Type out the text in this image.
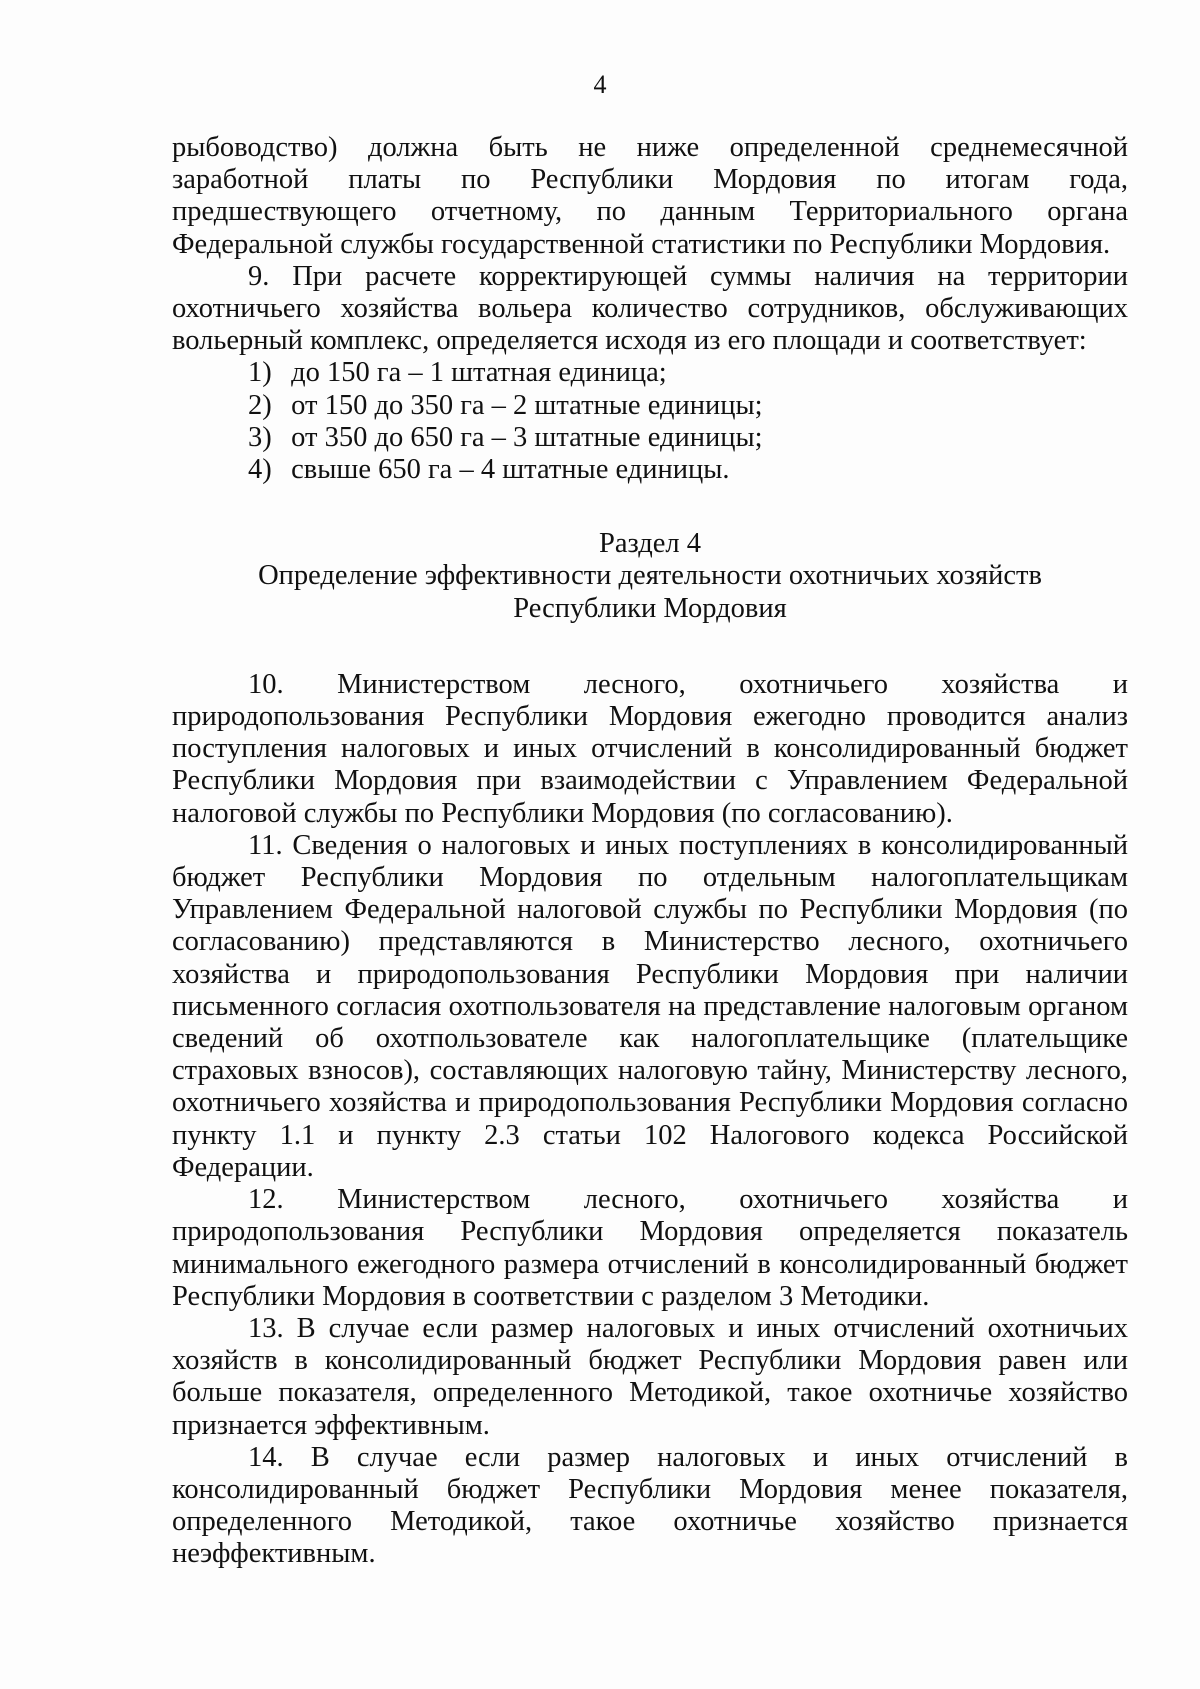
4

рыбоводство) должна быть не ниже определенной среднемесячной заработной платы по Республики Мордовия по итогам года, предшествующего отчетному, по данным Территориального органа Федеральной службы государственной статистики по Республики Мордовия.

9. При расчете корректирующей суммы наличия на территории охотничьего хозяйства вольера количество сотрудников, обслуживающих вольерный комплекс, определяется исходя из его площади и соответствует:

1) до 150 га – 1 штатная единица;
2) от 150 до 350 га – 2 штатные единицы;
3) от 350 до 650 га – 3 штатные единицы;
4) свыше 650 га – 4 штатные единицы.
Раздел 4
Определение эффективности деятельности охотничьих хозяйств
Республики Мордовия

10. Министерством лесного, охотничьего хозяйства и природопользования Республики Мордовия ежегодно проводится анализ поступления налоговых и иных отчислений в консолидированный бюджет Республики Мордовия при взаимодействии с Управлением Федеральной налоговой службы по Республики Мордовия (по согласованию).

11. Сведения о налоговых и иных поступлениях в консолидированный бюджет Республики Мордовия по отдельным налогоплательщикам Управлением Федеральной налоговой службы по Республики Мордовия (по согласованию) представляются в Министерство лесного, охотничьего хозяйства и природопользования Республики Мордовия при наличии письменного согласия охотпользователя на представление налоговым органом сведений об охотпользователе как налогоплательщике (плательщике страховых взносов), составляющих налоговую тайну, Министерству лесного, охотничьего хозяйства и природопользования Республики Мордовия согласно пункту 1.1 и пункту 2.3 статьи 102 Налогового кодекса Российской Федерации.

12. Министерством лесного, охотничьего хозяйства и природопользования Республики Мордовия определяется показатель минимального ежегодного размера отчислений в консолидированный бюджет Республики Мордовия в соответствии с разделом 3 Методики.

13. В случае если размер налоговых и иных отчислений охотничьих хозяйств в консолидированный бюджет Республики Мордовия равен или больше показателя, определенного Методикой, такое охотничье хозяйство признается эффективным.

14. В случае если размер налоговых и иных отчислений в консолидированный бюджет Республики Мордовия менее показателя, определенного Методикой, такое охотничье хозяйство признается неэффективным.
